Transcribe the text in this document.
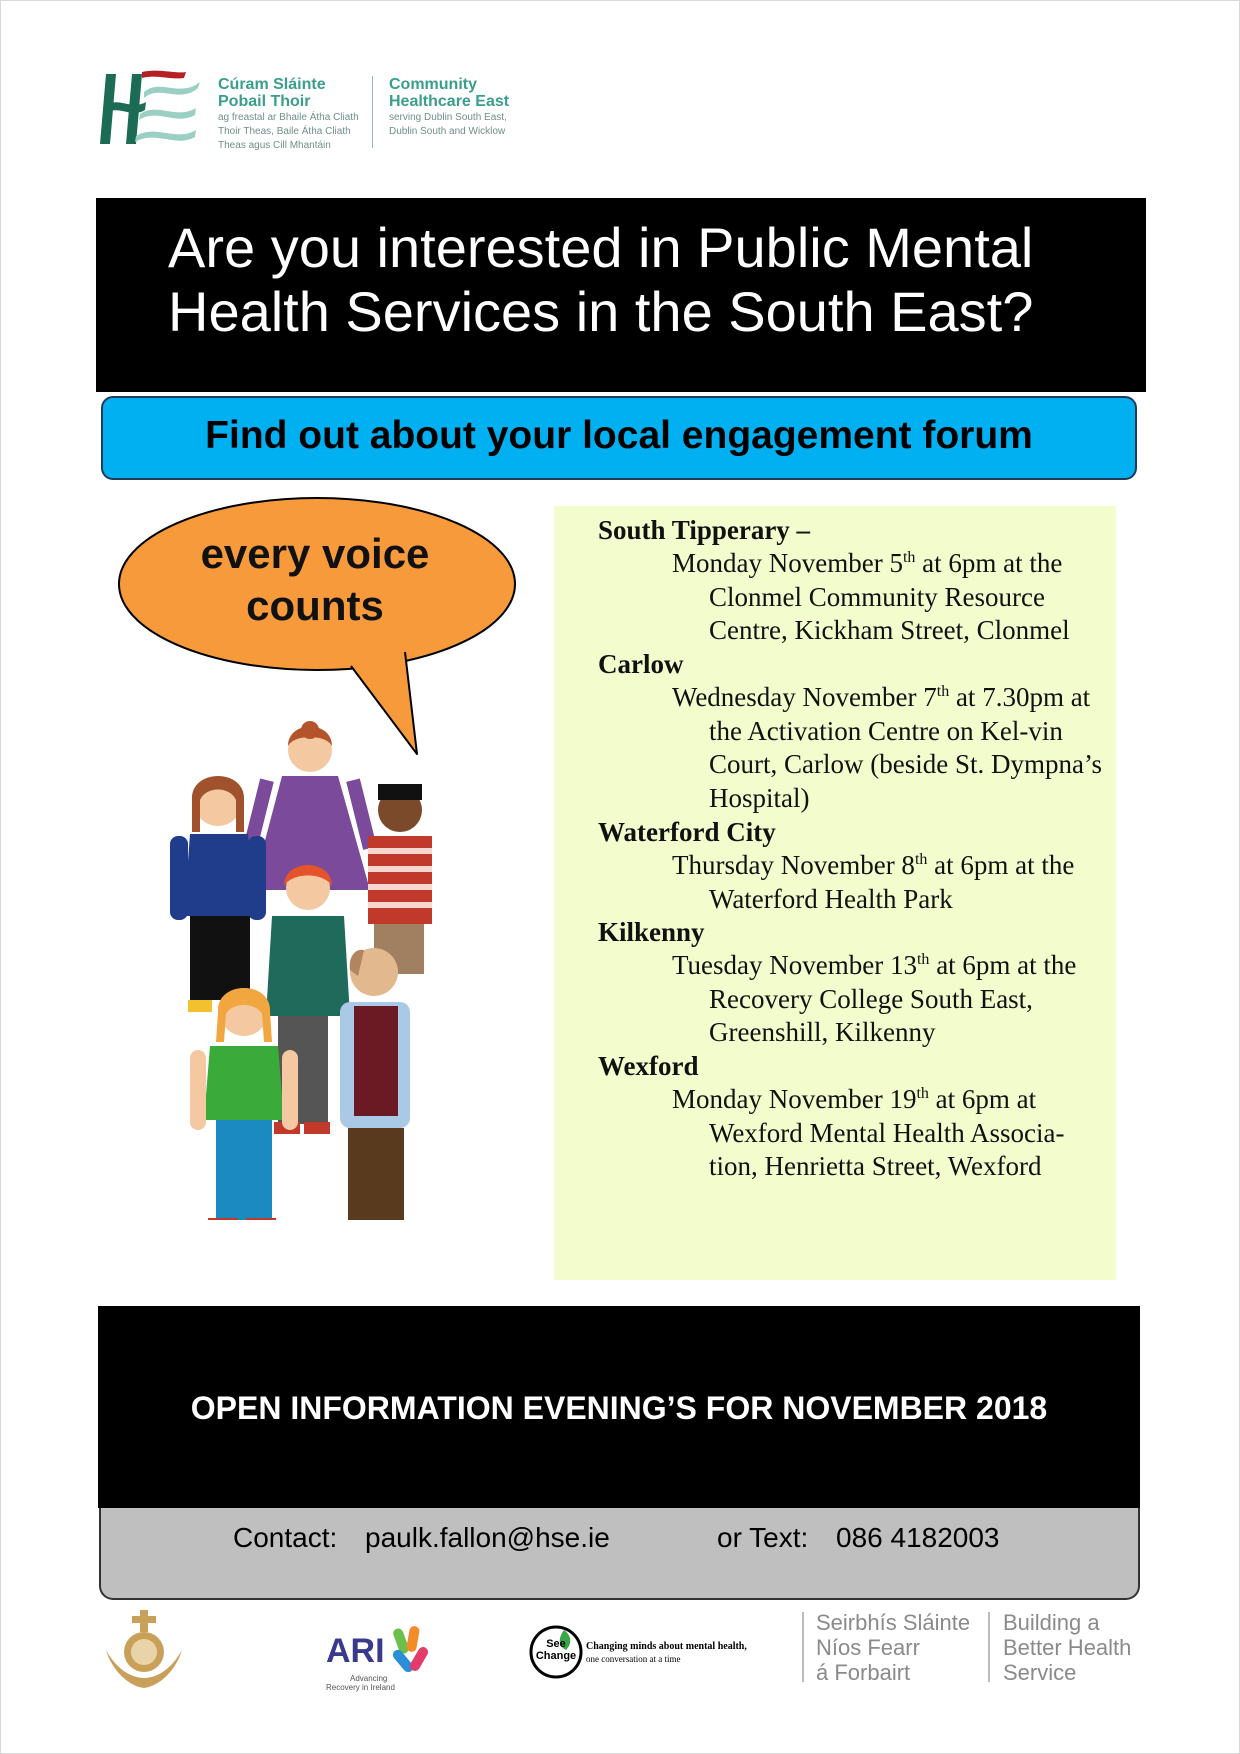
Cúram Sláinte
Pobail Thoir
ag freastal ar Bhaile Átha Cliath
Thoir Theas, Baile Átha Cliath
Theas agus Cill Mhantáin
Community
Healthcare East
serving Dublin South East,
Dublin South and Wicklow
Are you interested in Public Mental
Health Services in the South East?
Find out about your local engagement forum
every voice
counts
South Tipperary –
Monday November 5th at 6pm at the Clonmel Community Resource Centre, Kickham Street, Clonmel
Carlow
Wednesday November 7th at 7.30pm at the Activation Centre on Kel-vin Court, Carlow (beside St. Dympna’s Hospital)
Waterford City
Thursday November 8th at 6pm at the Waterford Health Park
Kilkenny
Tuesday November 13th at 6pm at the Recovery College South East, Greenshill, Kilkenny
Wexford
Monday November 19th at 6pm at Wexford Mental Health Associa-tion, Henrietta Street, Wexford
OPEN INFORMATION EVENING’S FOR NOVEMBER 2018
Contact: paulk.fallon@hse.ie	or Text: 086 4182003
ARI
Advancing
Recovery in Ireland
See
Change
Changing minds about mental health,
one conversation at a time
Seirbhís Sláinte
Níos Fearr
á Forbairt
Building a
Better Health
Service
